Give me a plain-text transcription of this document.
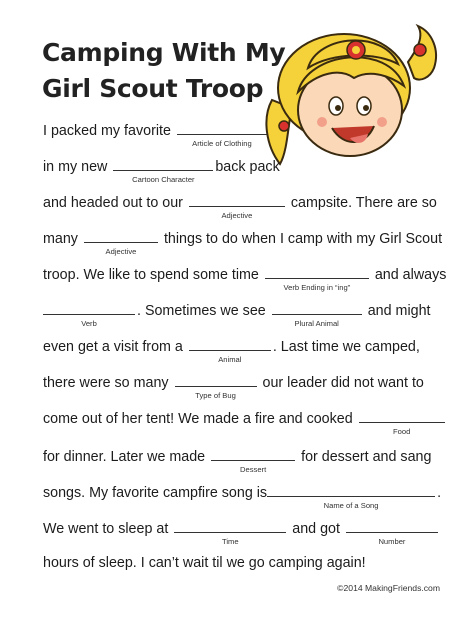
Camping With My
Girl Scout Troop
I packed my favorite
Article of Clothing
in my new
Cartoon Character
back pack
and headed out to our
Adjective
campsite. There are so
many
Adjective
things to do when I camp with my Girl Scout
troop. We like to spend some time
Verb Ending in “ing”
and always
Verb
. Sometimes we see
Plural Animal
and might
even get a visit from a
Animal
. Last time we camped,
there were so many
Type of Bug
our leader did not want to
come out of her tent! We made a fire and cooked
Food
for dinner. Later we made
Dessert
for dessert and sang
songs. My favorite campfire song is
Name of a Song
.
We went to sleep at
Time
and got
Number
hours of sleep. I can’t wait til we go camping again!
©2014 MakingFriends.com
